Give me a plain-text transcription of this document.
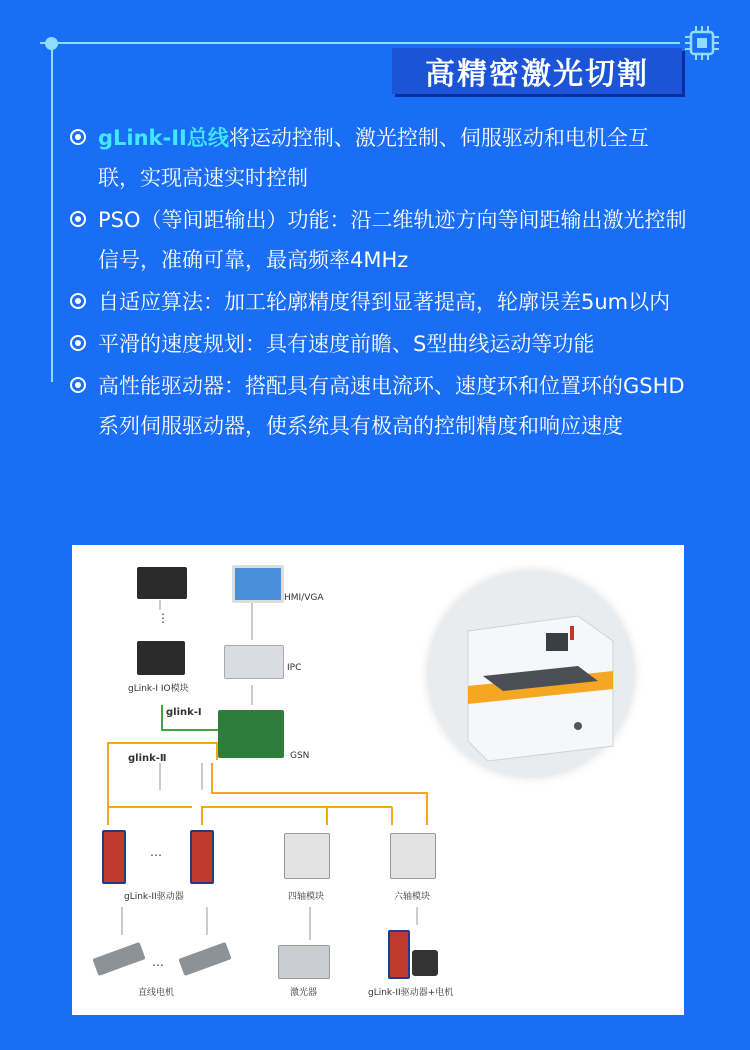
高精密激光切割
gLink-II总线将运动控制、激光控制、伺服驱动和电机全互联，实现高速实时控制
PSO（等间距输出）功能：沿二维轨迹方向等间距输出激光控制信号，准确可靠，最高频率4MHz
自适应算法：加工轮廓精度得到显著提高，轮廓误差5um以内
平滑的速度规划：具有速度前瞻、S型曲线运动等功能
高性能驱动器：搭配具有高速电流环、速度环和位置环的GSHD系列伺服驱动器，使系统具有极高的控制精度和响应速度
⋮
gLink-I IO模块
HMI/VGA
IPC
glink-Ⅰ
GSN
glink-Ⅱ
…
gLink-II驱动器	四轴模块	六轴模块
…
直线电机	激光器	gLink-II驱动器+电机
